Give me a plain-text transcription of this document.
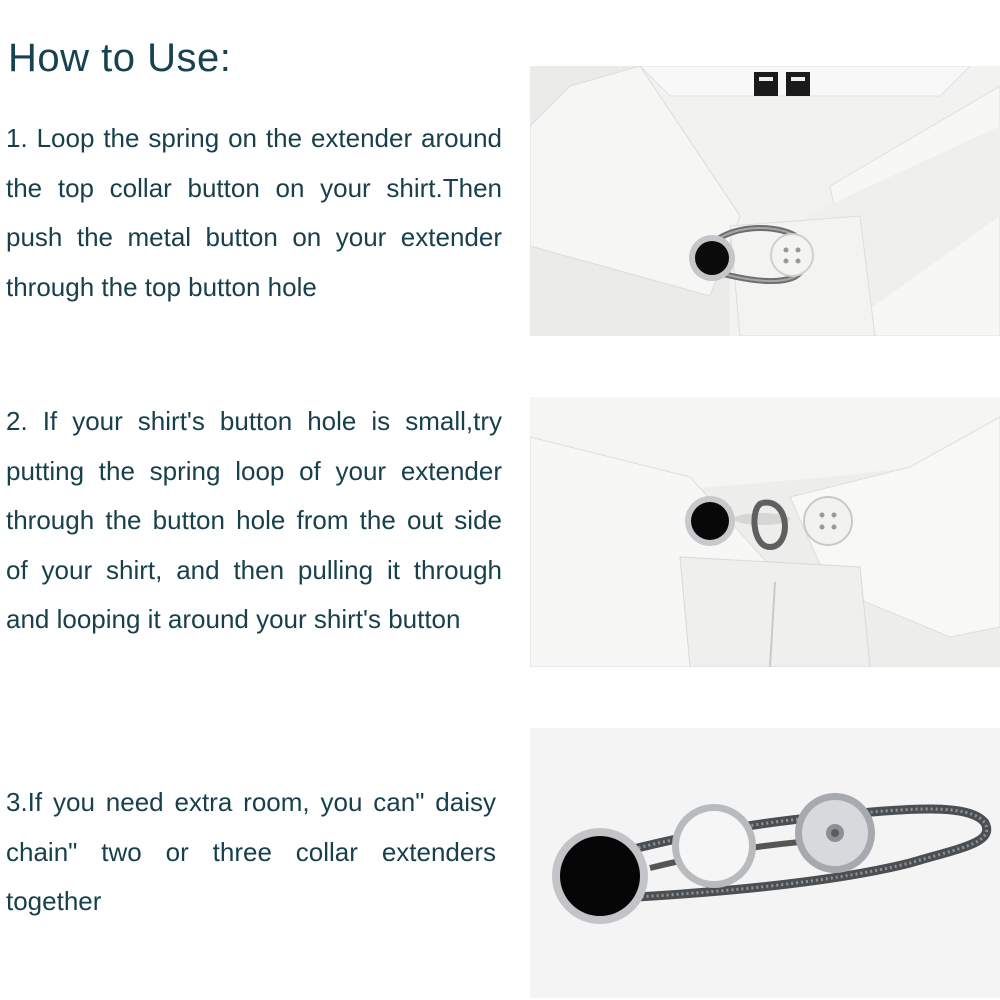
How to Use:
1. Loop the spring on the extender around the top collar button on your shirt.Then push the metal button on your extender through the top button hole
2. If your shirt's button hole is small,try putting the spring loop of your extender through the button hole from the out side of your shirt, and then pulling it through and looping it around your shirt's button
3.If you need extra room, you can" daisy chain" two or three collar extenders together
